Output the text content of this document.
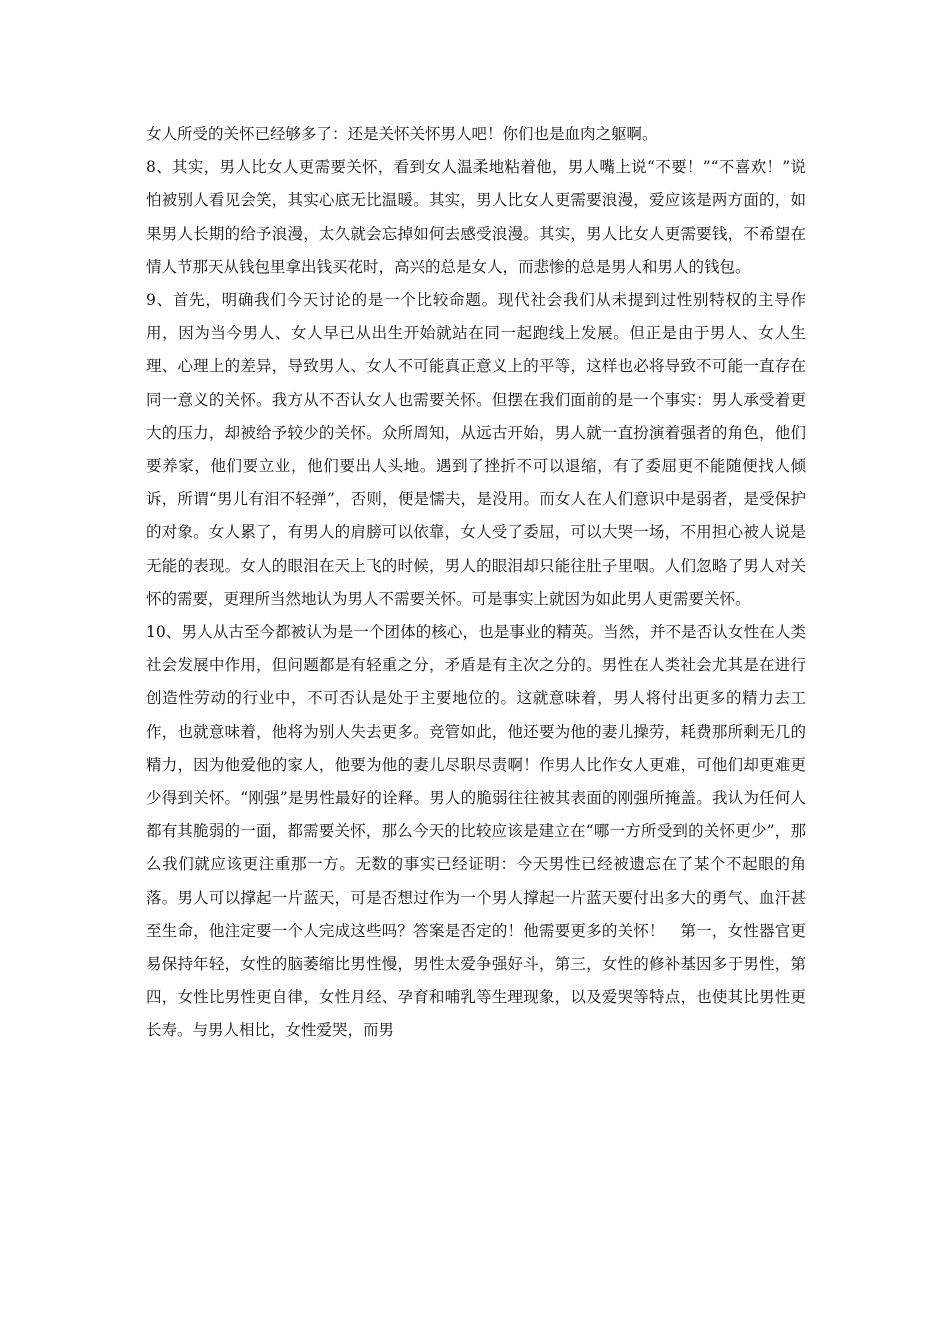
女人所受的关怀已经够多了：还是关怀关怀男人吧！你们也是血肉之躯啊。

8、其实，男人比女人更需要关怀，看到女人温柔地粘着他，男人嘴上说“不要！”“不喜欢！”说怕被别人看见会笑，其实心底无比温暖。其实，男人比女人更需要浪漫，爱应该是两方面的，如果男人长期的给予浪漫，太久就会忘掉如何去感受浪漫。其实，男人比女人更需要钱，不希望在情人节那天从钱包里拿出钱买花时，高兴的总是女人，而悲惨的总是男人和男人的钱包。

9、首先，明确我们今天讨论的是一个比较命题。现代社会我们从未提到过性别特权的主导作用，因为当今男人、女人早已从出生开始就站在同一起跑线上发展。但正是由于男人、女人生理、心理上的差异，导致男人、女人不可能真正意义上的平等，这样也必将导致不可能一直存在同一意义的关怀。我方从不否认女人也需要关怀。但摆在我们面前的是一个事实：男人承受着更大的压力，却被给予较少的关怀。众所周知，从远古开始，男人就一直扮演着强者的角色，他们要养家，他们要立业，他们要出人头地。遇到了挫折不可以退缩，有了委屈更不能随便找人倾诉，所谓“男儿有泪不轻弹”，否则，便是懦夫，是没用。而女人在人们意识中是弱者，是受保护的对象。女人累了，有男人的肩膀可以依靠，女人受了委屈，可以大哭一场，不用担心被人说是无能的表现。女人的眼泪在天上飞的时候，男人的眼泪却只能往肚子里咽。人们忽略了男人对关怀的需要，更理所当然地认为男人不需要关怀。可是事实上就因为如此男人更需要关怀。

10、男人从古至今都被认为是一个团体的核心，也是事业的精英。当然，并不是否认女性在人类社会发展中作用，但问题都是有轻重之分，矛盾是有主次之分的。男性在人类社会尤其是在进行创造性劳动的行业中，不可否认是处于主要地位的。这就意味着，男人将付出更多的精力去工作，也就意味着，他将为别人失去更多。竞管如此，他还要为他的妻儿操劳，耗费那所剩无几的精力，因为他爱他的家人，他要为他的妻儿尽职尽责啊！作男人比作女人更难，可他们却更难更少得到关怀。“刚强”是男性最好的诠释。男人的脆弱往往被其表面的刚强所掩盖。我认为任何人都有其脆弱的一面，都需要关怀，那么今天的比较应该是建立在“哪一方所受到的关怀更少”，那么我们就应该更注重那一方。无数的事实已经证明：今天男性已经被遗忘在了某个不起眼的角落。男人可以撑起一片蓝天，可是否想过作为一个男人撑起一片蓝天要付出多大的勇气、血汗甚至生命，他注定要一个人完成这些吗？答案是否定的！他需要更多的关怀！　第一，女性器官更易保持年轻，女性的脑萎缩比男性慢，男性太爱争强好斗，第三，女性的修补基因多于男性，第四，女性比男性更自律，女性月经、孕育和哺乳等生理现象，以及爱哭等特点，也使其比男性更长寿。与男人相比，女性爱哭，而男
